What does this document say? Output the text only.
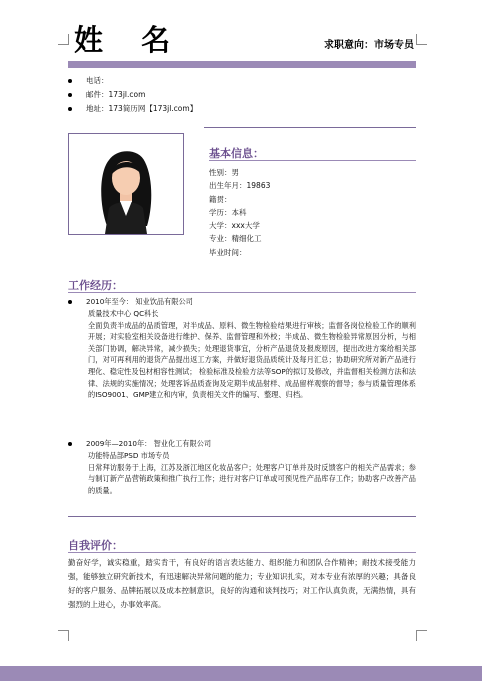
姓 名	求职意向：市场专员
电话：
邮件： 173jl.com
地址： 173简历网【173jl.com】
基本信息：
性别：男
出生年月：19863
籍贯：
学历：本科
大学：xxx大学
专业：精细化工
毕业时间：
工作经历：
2010年至今： 知业饮品有限公司
质量技术中心 QC科长
全面负责半成品的品质管理，对半成品、原料、微生物检验结果进行审核；监督各岗位检验工作的顺利开展；对实验室相关设备进行维护、保养、监督管理和外校；半成品、微生物检验异常原因分析，与相关部门协调，解决异常，减少损失；处理退货事宜，分析产品退货及报废原因，提出改进方案给相关部门，对可再利用的退货产品提出返工方案，并做好退货品质统计及每月汇总；协助研究所对新产品进行理化、稳定性及包材相容性测试； 检验标准及检验方法等SOP的拟订及修改，并监督相关检测方法和法律、法规的实施情况；处理客诉品质查询及定期半成品射样、成品留样观察的督导；参与质量管理体系的ISO9001、GMP建立和内审，负责相关文件的编写、整理、归档。
2009年—2010年： 智业化工有限公司
功能特品部PSD 市场专员
日常拜访服务于上海，江苏及浙江地区化妆品客户；处理客户订单并及时反馈客户的相关产品需求；参与制订新产品营销政策和推广执行工作；进行对客户订单或可预见性产品库存工作；协助客户改善产品的质量。
自我评价：
勤奋好学，诚实稳重，踏实肯干，有良好的语言表达能力、组织能力和团队合作精神；耐技术接受能力强，能够独立研究新技术，有迅速解决异常问题的能力；专业知识扎实，对本专业有浓厚的兴趣；具备良好的客户服务、品牌拓展以及成本控制意识，良好的沟通和谈判技巧；对工作认真负责，无满热情，具有强烈的上进心，办事效率高。
